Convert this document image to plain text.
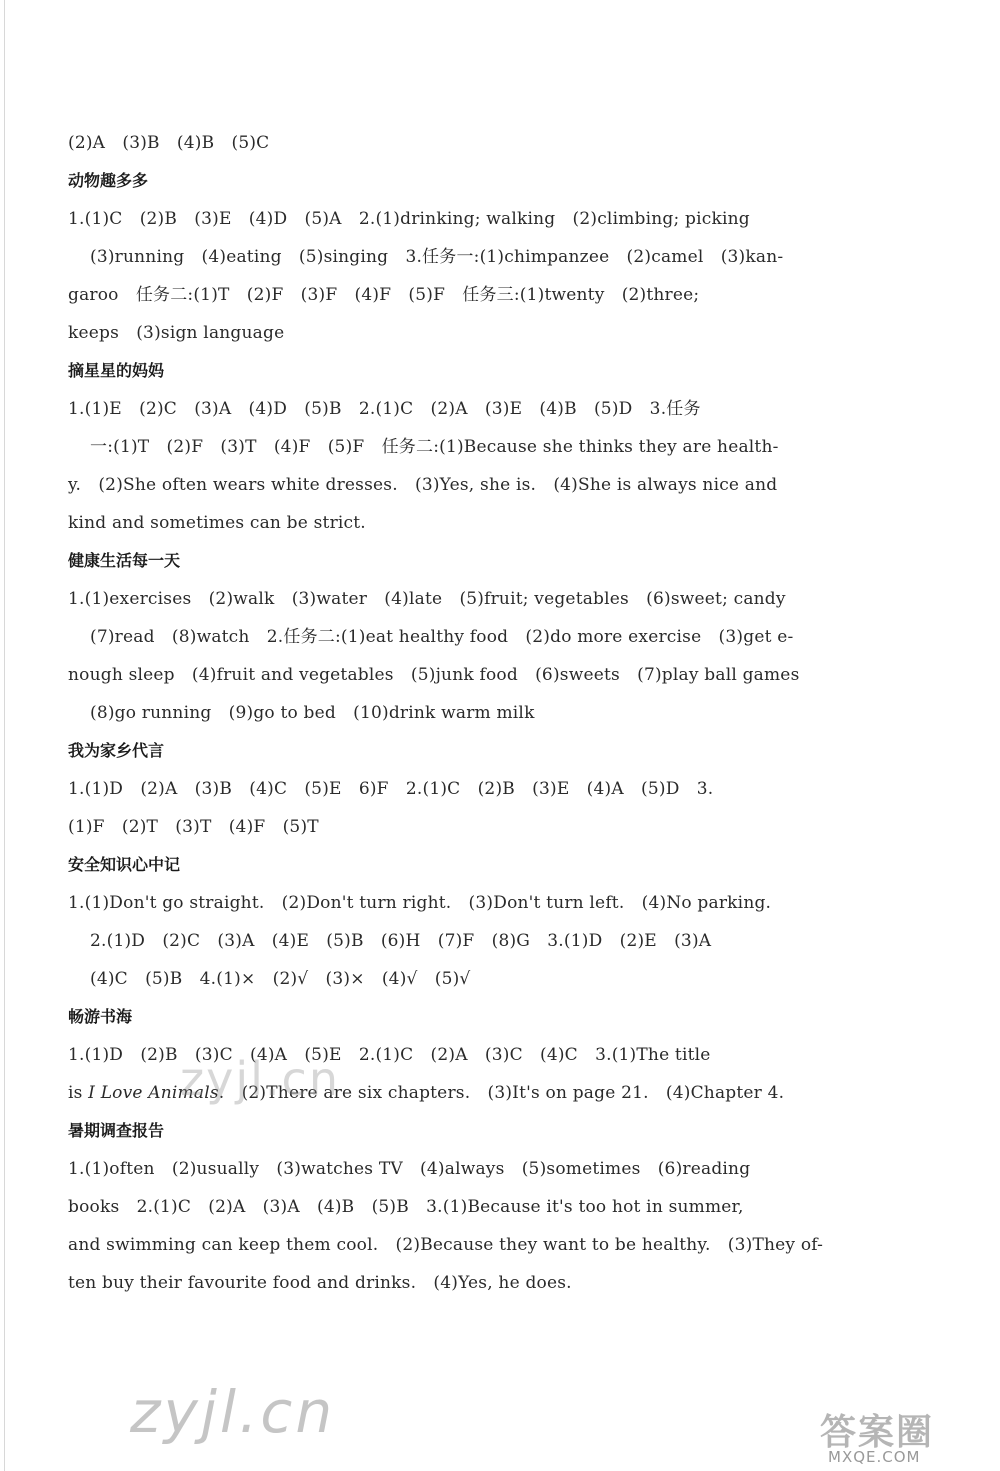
(2)A　(3)B　(4)B　(5)C
动物趣多多
1.(1)C　(2)B　(3)E　(4)D　(5)A　2.(1)drinking; walking　(2)climbing; picking
(3)running　(4)eating　(5)singing　3.任务一:(1)chimpanzee　(2)camel　(3)kan-
garoo　任务二:(1)T　(2)F　(3)F　(4)F　(5)F　任务三:(1)twenty　(2)three;
keeps　(3)sign language
摘星星的妈妈
1.(1)E　(2)C　(3)A　(4)D　(5)B　2.(1)C　(2)A　(3)E　(4)B　(5)D　3.任务
一:(1)T　(2)F　(3)T　(4)F　(5)F　任务二:(1)Because she thinks they are health-
y.　(2)She often wears white dresses.　(3)Yes, she is.　(4)She is always nice and
kind and sometimes can be strict.
健康生活每一天
1.(1)exercises　(2)walk　(3)water　(4)late　(5)fruit; vegetables　(6)sweet; candy
(7)read　(8)watch　2.任务二:(1)eat healthy food　(2)do more exercise　(3)get e-
nough sleep　(4)fruit and vegetables　(5)junk food　(6)sweets　(7)play ball games
(8)go running　(9)go to bed　(10)drink warm milk
我为家乡代言
1.(1)D　(2)A　(3)B　(4)C　(5)E　6)F　2.(1)C　(2)B　(3)E　(4)A　(5)D　3.
(1)F　(2)T　(3)T　(4)F　(5)T
安全知识心中记
1.(1)Don't go straight.　(2)Don't turn right.　(3)Don't turn left.　(4)No parking.
2.(1)D　(2)C　(3)A　(4)E　(5)B　(6)H　(7)F　(8)G　3.(1)D　(2)E　(3)A
(4)C　(5)B　4.(1)×　(2)√　(3)×　(4)√　(5)√
畅游书海
1.(1)D　(2)B　(3)C　(4)A　(5)E　2.(1)C　(2)A　(3)C　(4)C　3.(1)The title
is I Love Animals.　(2)There are six chapters.　(3)It's on page 21.　(4)Chapter 4.
暑期调查报告
1.(1)often　(2)usually　(3)watches TV　(4)always　(5)sometimes　(6)reading
books　2.(1)C　(2)A　(3)A　(4)B　(5)B　3.(1)Because it's too hot in summer,
and swimming can keep them cool.　(2)Because they want to be healthy.　(3)They of-
ten buy their favourite food and drinks.　(4)Yes, he does.
zyjl.cn
zyjl.cn	答案圈
MXQE.COM
